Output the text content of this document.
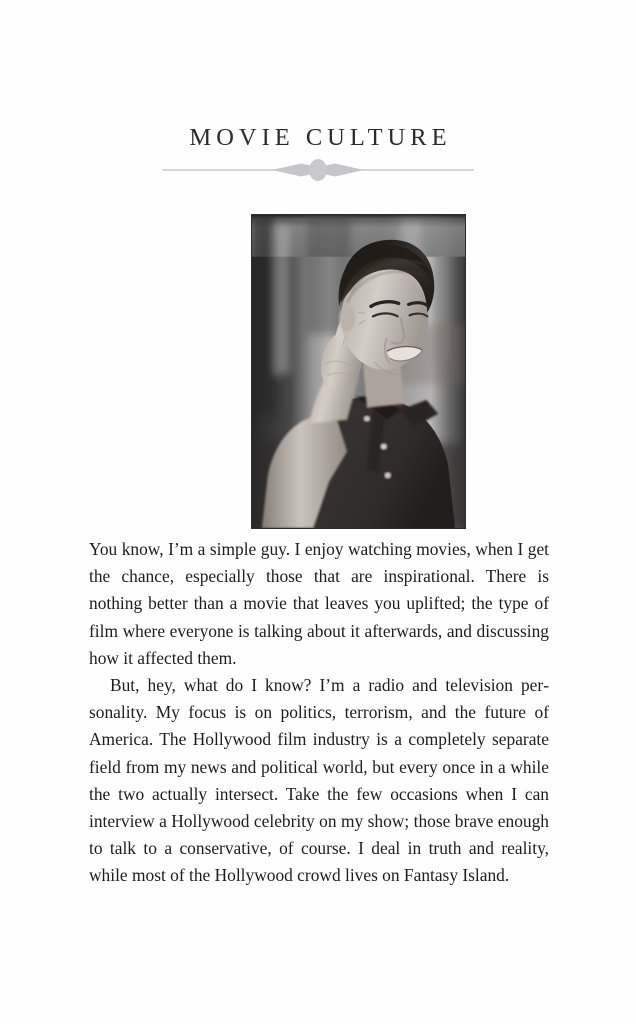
MOVIE CULTURE

You know, I’m a simple guy. I enjoy watching movies, when I get the chance, especially those that are inspirational. There is nothing better than a movie that leaves you uplifted; the type of film where everyone is talking about it afterwards, and discussing how it affected them.

But, hey, what do I know? I’m a radio and television personality. My focus is on politics, terrorism, and the future of America. The Hollywood film industry is a completely separate field from my news and political world, but every once in a while the two actually intersect. Take the few occasions when I can interview a Hollywood celebrity on my show; those brave enough to talk to a conservative, of course. I deal in truth and reality, while most of the Hollywood crowd lives on Fantasy Island.
